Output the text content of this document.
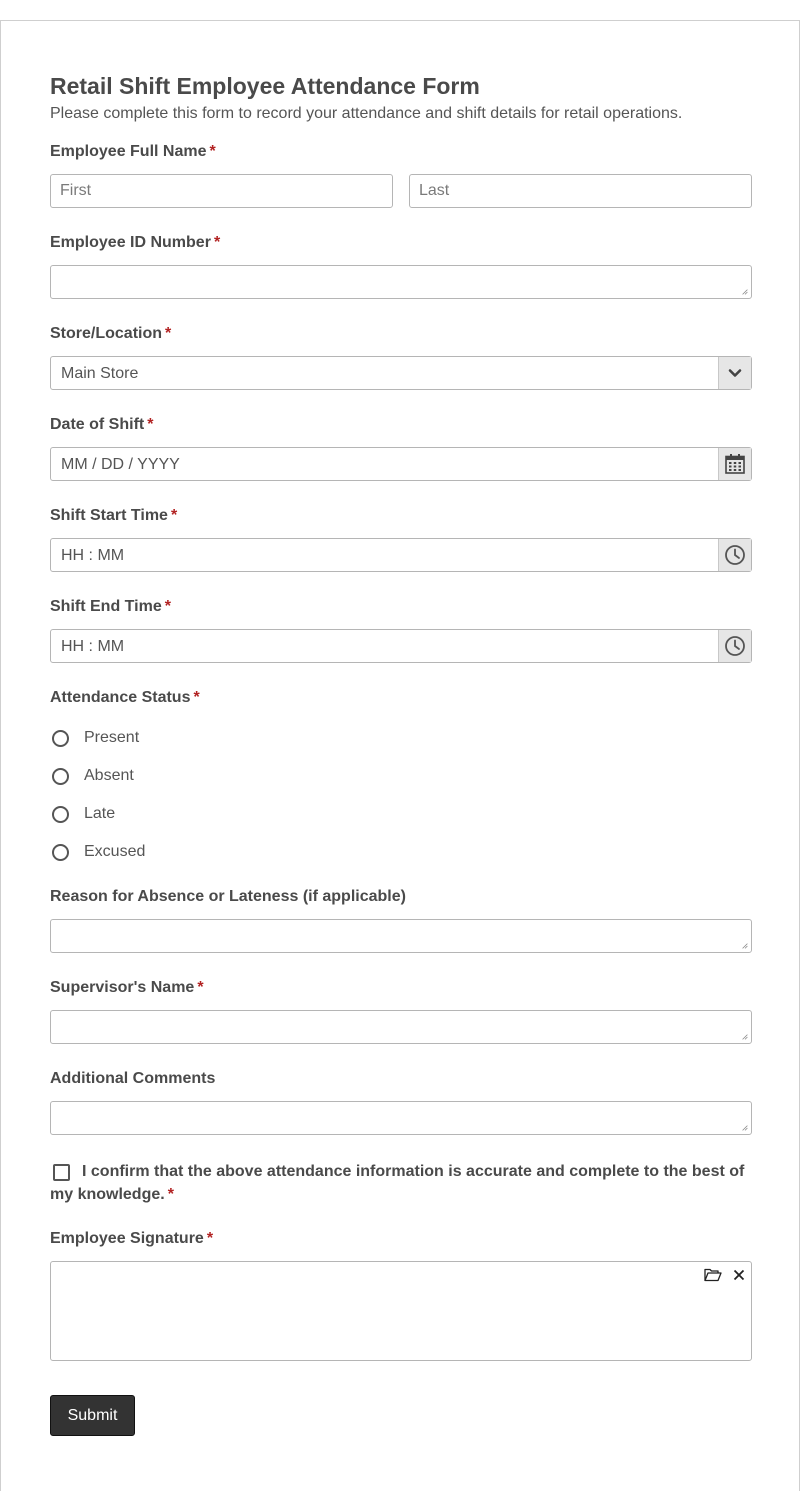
Retail Shift Employee Attendance Form
Please complete this form to record your attendance and shift details for retail operations.
Employee Full Name *
First
Last
Employee ID Number *
Store/Location *
Main Store
Date of Shift *
MM / DD / YYYY
Shift Start Time *
HH : MM
Shift End Time *
HH : MM
Attendance Status *
Present
Absent
Late
Excused
Reason for Absence or Lateness (if applicable)
Supervisor's Name *
Additional Comments
I confirm that the above attendance information is accurate and complete to the best of my knowledge. *
Employee Signature *
Submit
